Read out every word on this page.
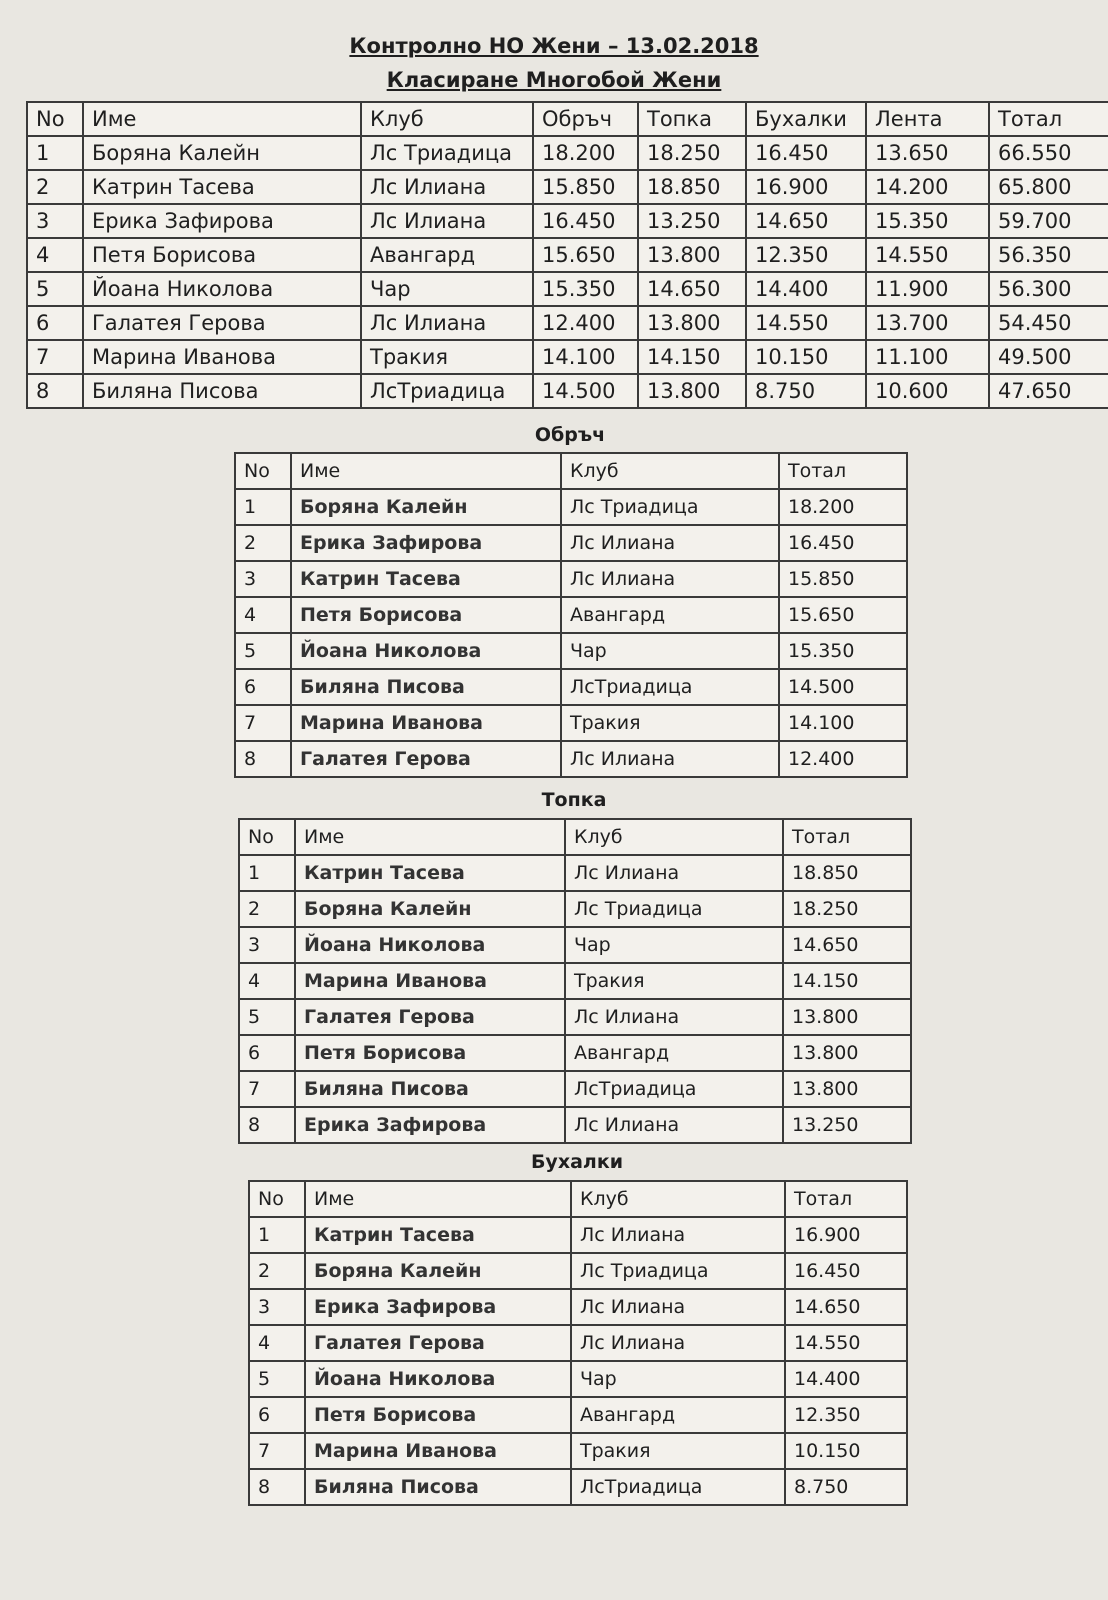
Контролно НО Жени – 13.02.2018
Класиране Многобой Жени
No	Име	Клуб	Обръч	Топка	Бухалки	Лента	Тотал
1	Боряна Калейн	Лс Триадица	18.200	18.250	16.450	13.650	66.550
2	Катрин Тасева	Лс Илиана	15.850	18.850	16.900	14.200	65.800
3	Ерика Зафирова	Лс Илиана	16.450	13.250	14.650	15.350	59.700
4	Петя Борисова	Авангард	15.650	13.800	12.350	14.550	56.350
5	Йоана Николова	Чар	15.350	14.650	14.400	11.900	56.300
6	Галатея Герова	Лс Илиана	12.400	13.800	14.550	13.700	54.450
7	Марина Иванова	Тракия	14.100	14.150	10.150	11.100	49.500
8	Биляна Писова	ЛсТриадица	14.500	13.800	8.750	10.600	47.650
Обръч
No	Име	Клуб	Тотал
1	Боряна Калейн	Лс Триадица	18.200
2	Ерика Зафирова	Лс Илиана	16.450
3	Катрин Тасева	Лс Илиана	15.850
4	Петя Борисова	Авангард	15.650
5	Йоана Николова	Чар	15.350
6	Биляна Писова	ЛсТриадица	14.500
7	Марина Иванова	Тракия	14.100
8	Галатея Герова	Лс Илиана	12.400
Топка
No	Име	Клуб	Тотал
1	Катрин Тасева	Лс Илиана	18.850
2	Боряна Калейн	Лс Триадица	18.250
3	Йоана Николова	Чар	14.650
4	Марина Иванова	Тракия	14.150
5	Галатея Герова	Лс Илиана	13.800
6	Петя Борисова	Авангард	13.800
7	Биляна Писова	ЛсТриадица	13.800
8	Ерика Зафирова	Лс Илиана	13.250
Бухалки
No	Име	Клуб	Тотал
1	Катрин Тасева	Лс Илиана	16.900
2	Боряна Калейн	Лс Триадица	16.450
3	Ерика Зафирова	Лс Илиана	14.650
4	Галатея Герова	Лс Илиана	14.550
5	Йоана Николова	Чар	14.400
6	Петя Борисова	Авангард	12.350
7	Марина Иванова	Тракия	10.150
8	Биляна Писова	ЛсТриадица	8.750
